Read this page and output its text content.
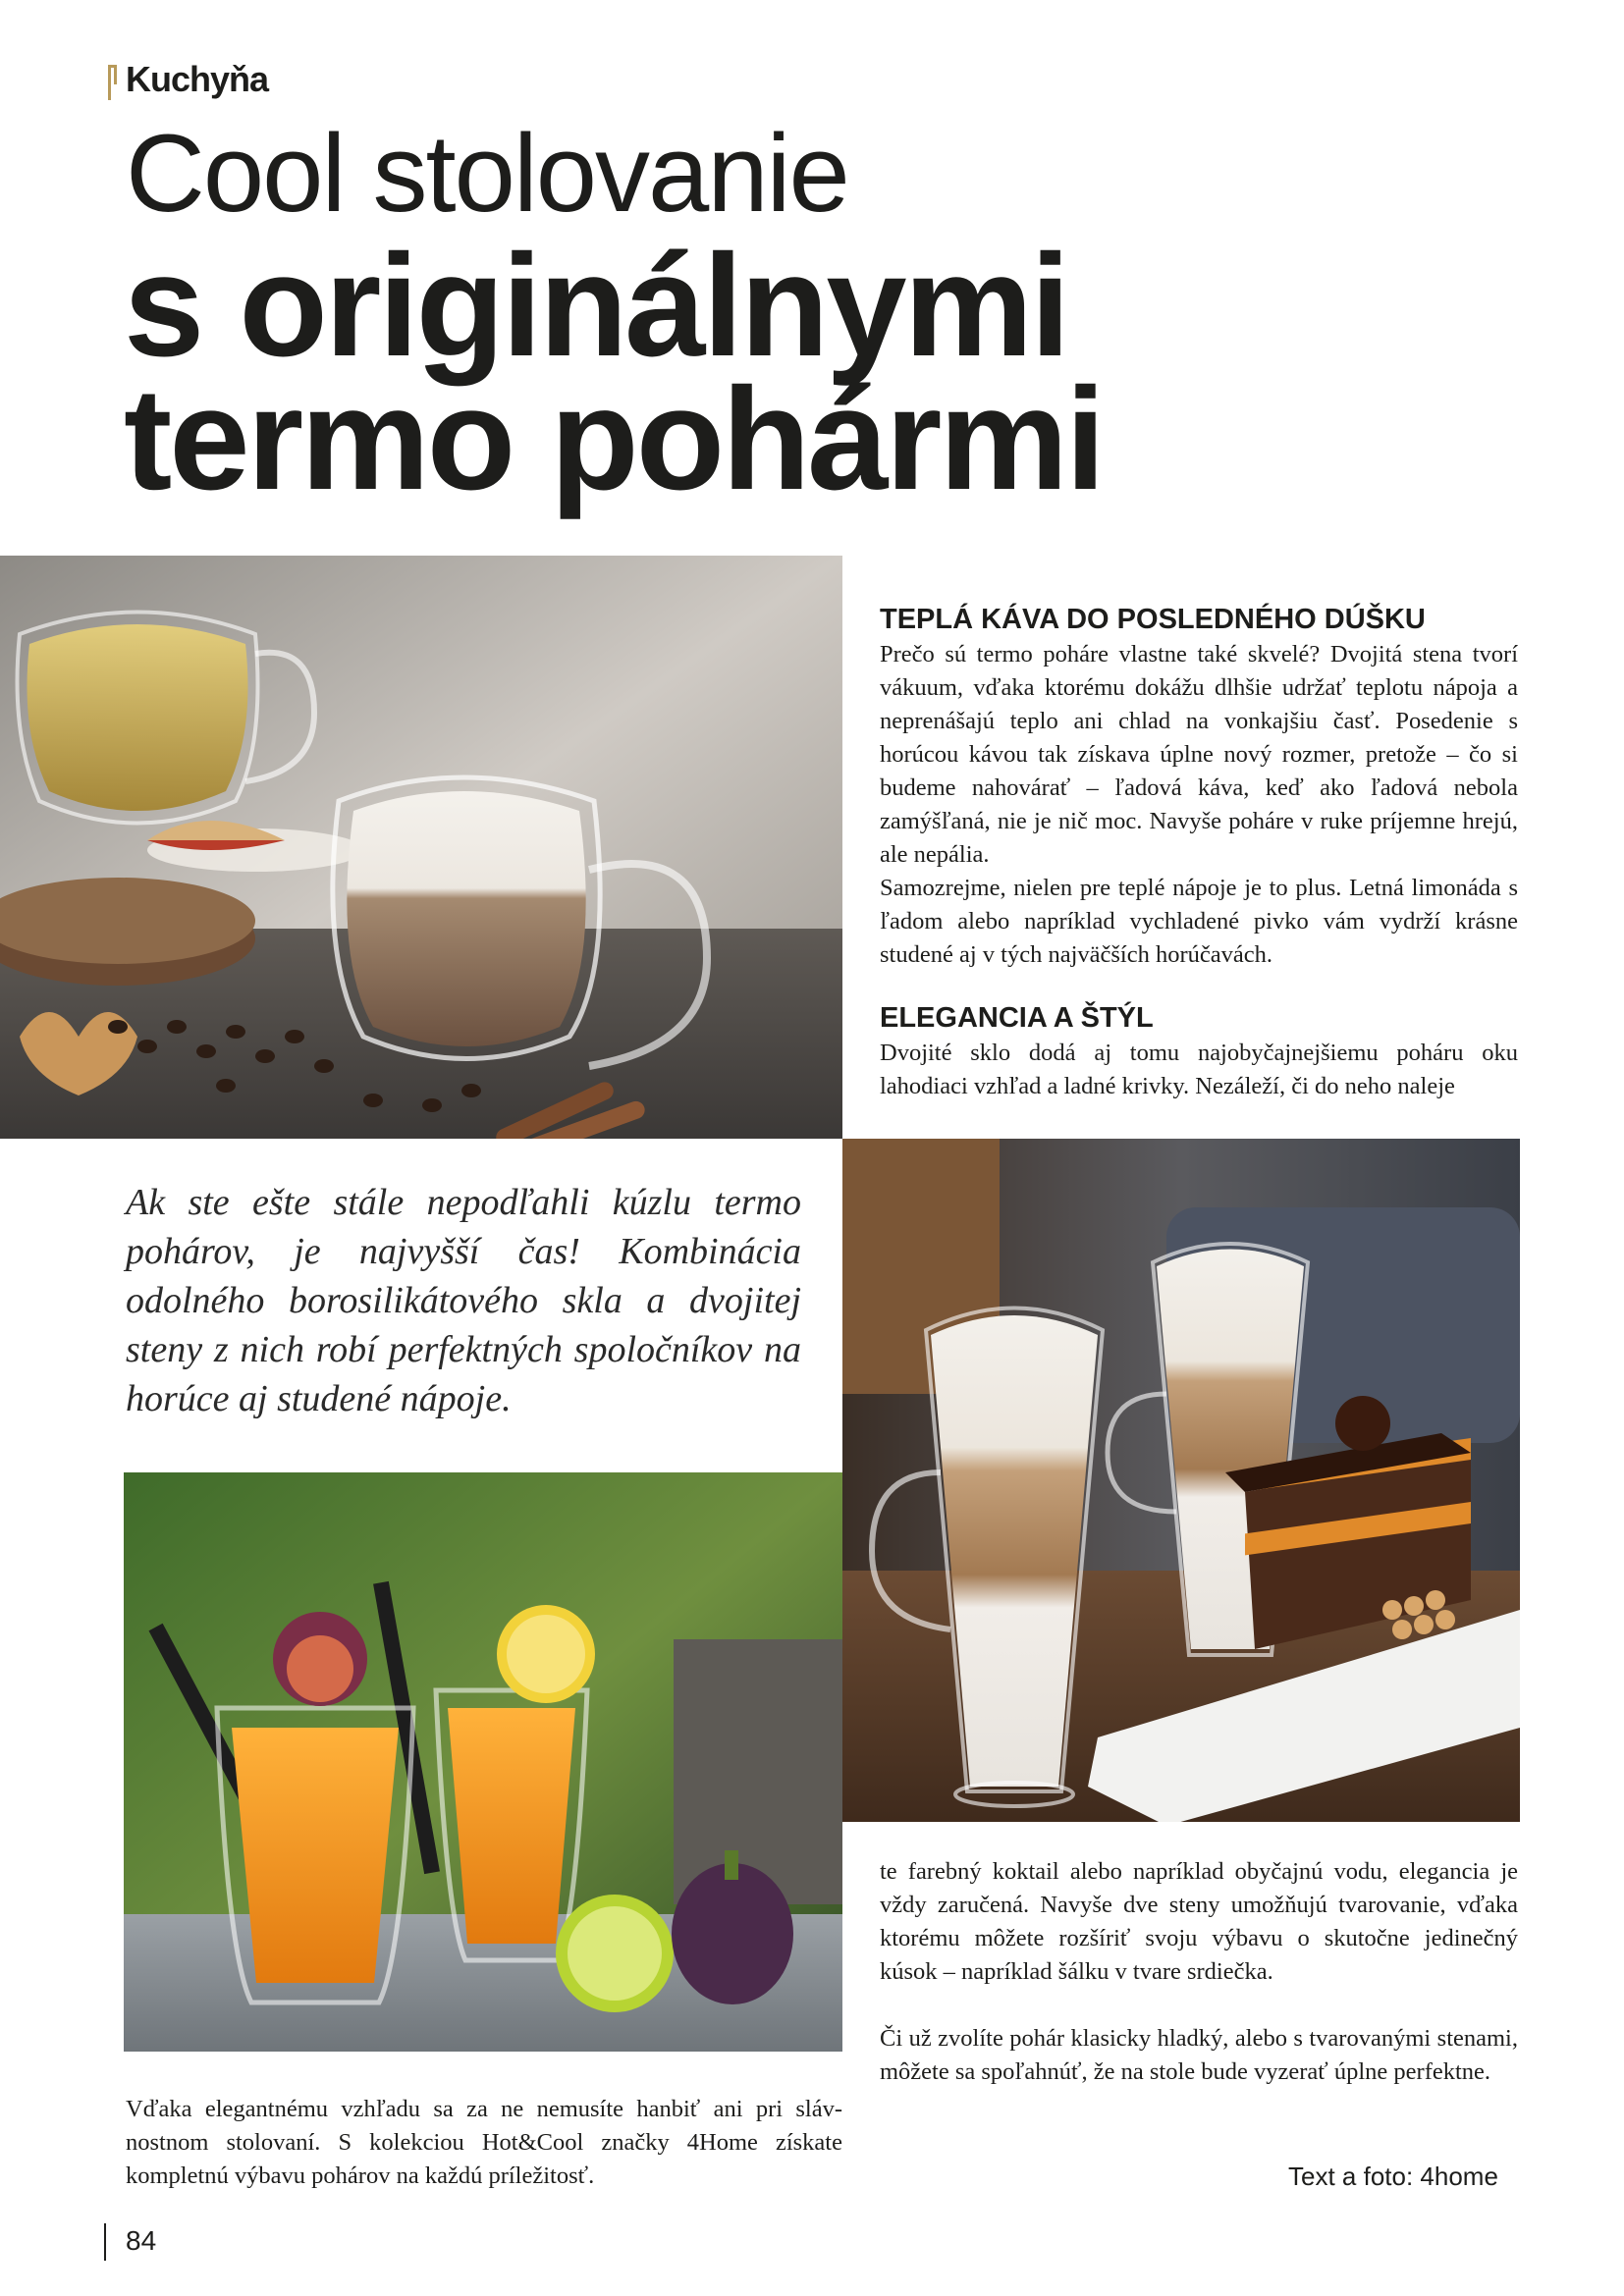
Kuchyňa
Cool stolovanie
s originálnymi
termo pohármi
TEPLÁ KÁVA DO POSLEDNÉHO DÚŠKU

Prečo sú termo poháre vlastne také skvelé? Dvojitá stena tvorí vákuum, vďaka ktorému dokážu dlhšie udržať teplotu nápoja a neprenášajú teplo ani chlad na vonkajšiu časť. Posedenie s horúcou kávou tak získava úplne nový rozmer, pretože – čo si budeme nahovárať – ľadová káva, keď ako ľadová nebola zamýšľaná, nie je nič moc. Navyše poháre v ruke príjemne hrejú, ale nepália.

Samozrejme, nielen pre teplé nápoje je to plus. Letná limonáda s ľadom alebo napríklad vychladené pivko vám vydrží krásne studené aj v tých najväčších horúčavách.

ELEGANCIA A ŠTÝL
Dvojité sklo dodá aj tomu najobyčajnejšiemu poháru oku lahodiaci vzhľad a ladné krivky. Nezáleží, či do neho naleje
Ak ste ešte stále nepodľahli kúzlu termo pohárov, je najvyšší čas! Kombinácia odolného borosilikátového skla a dvojitej steny z nich robí perfektných spoločníkov na horúce aj studené nápoje.
te farebný koktail alebo napríklad obyčajnú vodu, elegancia je vždy zaručená. Navyše dve steny umožňujú tvarovanie, vďaka ktorému môžete rozšíriť svoju výbavu o skutočne jedinečný kúsok – napríklad šálku v tvare srdiečka.
Či už zvolíte pohár klasicky hladký, alebo s tvarovanými stenami, môžete sa spoľahnúť, že na stole bude vyzerať úplne perfektne.
Vďaka elegantnému vzhľadu sa za ne nemusíte hanbiť ani pri slávnostnom stolovaní. S kolekciou Hot&Cool značky 4Home získate kompletnú výbavu pohárov na každú príležitosť.	Text a foto: 4home
84
